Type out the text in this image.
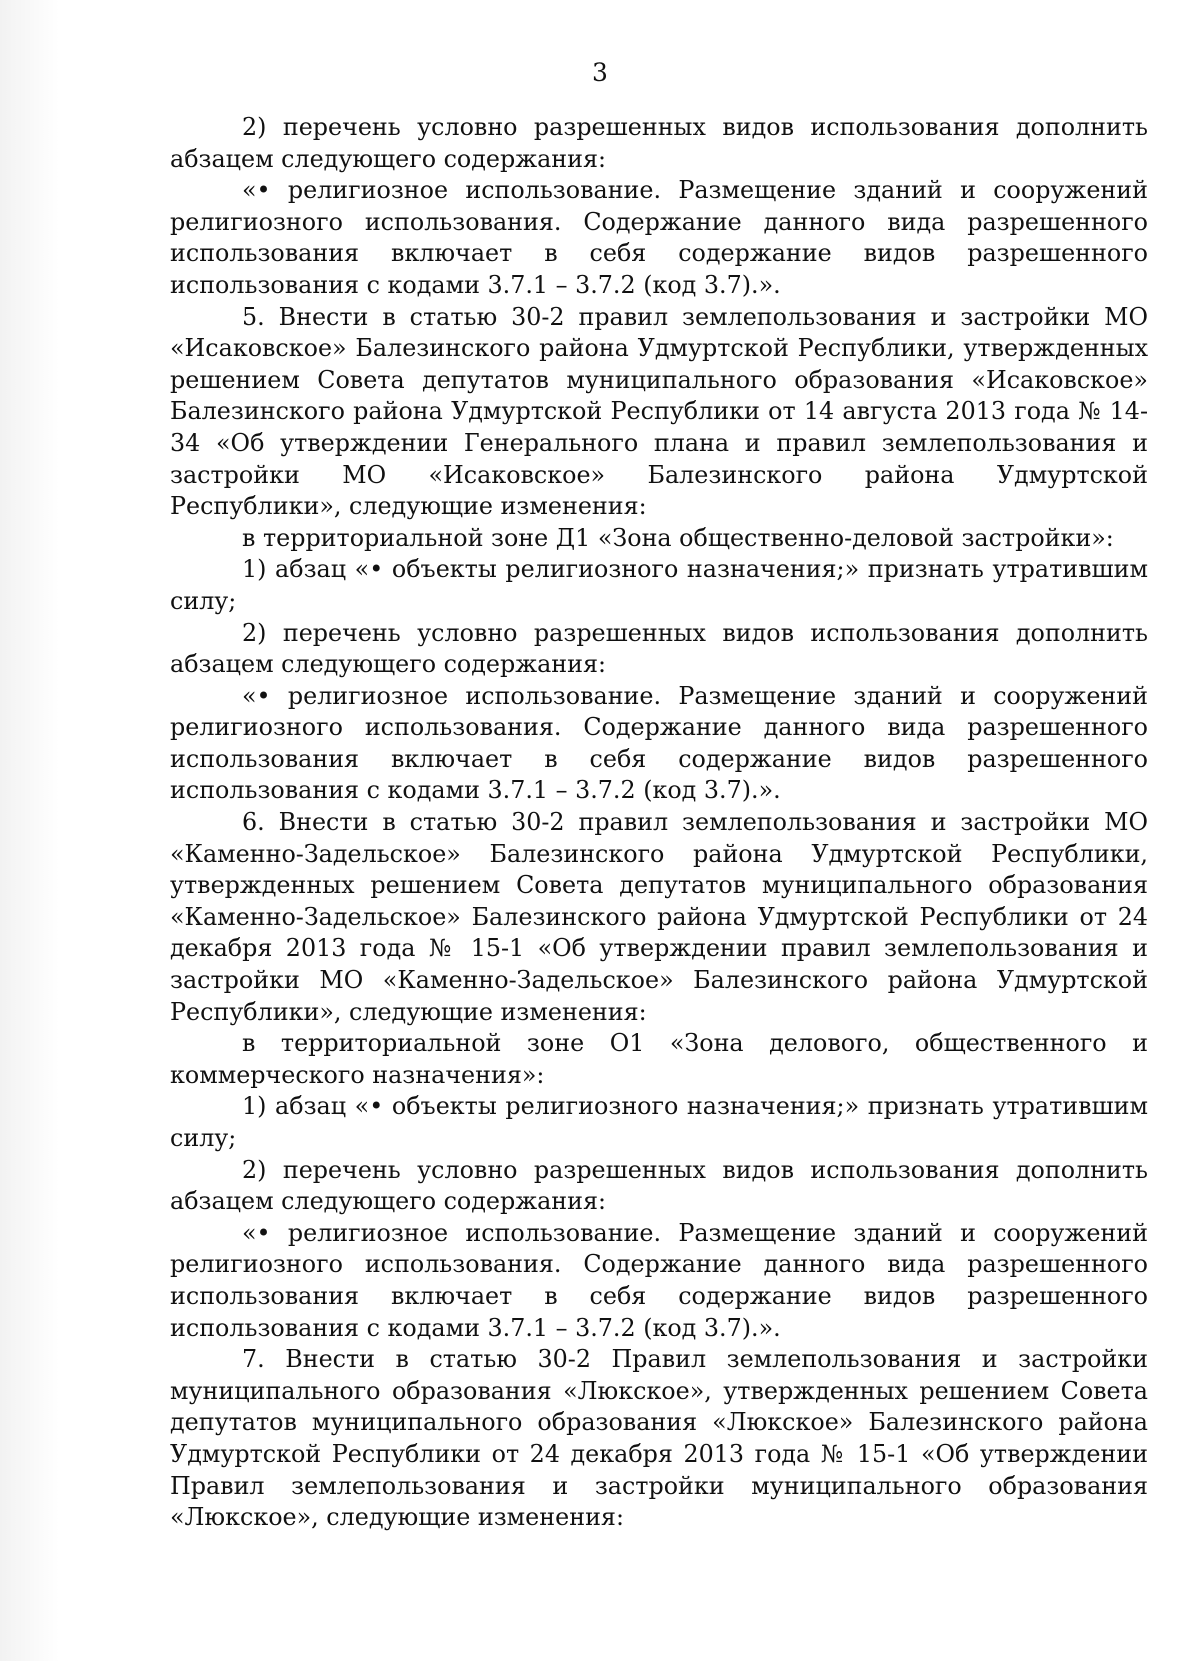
3

2) перечень условно разрешенных видов использования дополнить абзацем следующего содержания:

«• религиозное использование. Размещение зданий и сооружений религиозного использования. Содержание данного вида разрешенного использования включает в себя содержание видов разрешенного использования с кодами 3.7.1 – 3.7.2 (код 3.7).».

5. Внести в статью 30-2 правил землепользования и застройки МО «Исаковское» Балезинского района Удмуртской Республики, утвержденных решением Совета депутатов муниципального образования «Исаковское» Балезинского района Удмуртской Республики от 14 августа 2013 года № 14-34 «Об утверждении Генерального плана и правил землепользования и застройки МО «Исаковское» Балезинского района Удмуртской Республики», следующие изменения:

в территориальной зоне Д1 «Зона общественно-деловой застройки»:

1) абзац «• объекты религиозного назначения;» признать утратившим силу;

2) перечень условно разрешенных видов использования дополнить абзацем следующего содержания:

«• религиозное использование. Размещение зданий и сооружений религиозного использования. Содержание данного вида разрешенного использования включает в себя содержание видов разрешенного использования с кодами 3.7.1 – 3.7.2 (код 3.7).».

6. Внести в статью 30-2 правил землепользования и застройки МО «Каменно-Задельское» Балезинского района Удмуртской Республики, утвержденных решением Совета депутатов муниципального образования «Каменно-Задельское» Балезинского района Удмуртской Республики от 24 декабря 2013 года № 15-1 «Об утверждении правил землепользования и застройки МО «Каменно-Задельское» Балезинского района Удмуртской Республики», следующие изменения:

в территориальной зоне О1 «Зона делового, общественного и коммерческого назначения»:

1) абзац «• объекты религиозного назначения;» признать утратившим силу;

2) перечень условно разрешенных видов использования дополнить абзацем следующего содержания:

«• религиозное использование. Размещение зданий и сооружений религиозного использования. Содержание данного вида разрешенного использования включает в себя содержание видов разрешенного использования с кодами 3.7.1 – 3.7.2 (код 3.7).».

7. Внести в статью 30-2 Правил землепользования и застройки муниципального образования «Люкское», утвержденных решением Совета депутатов муниципального образования «Люкское» Балезинского района Удмуртской Республики от 24 декабря 2013 года № 15-1 «Об утверждении Правил землепользования и застройки муниципального образования «Люкское», следующие изменения:
